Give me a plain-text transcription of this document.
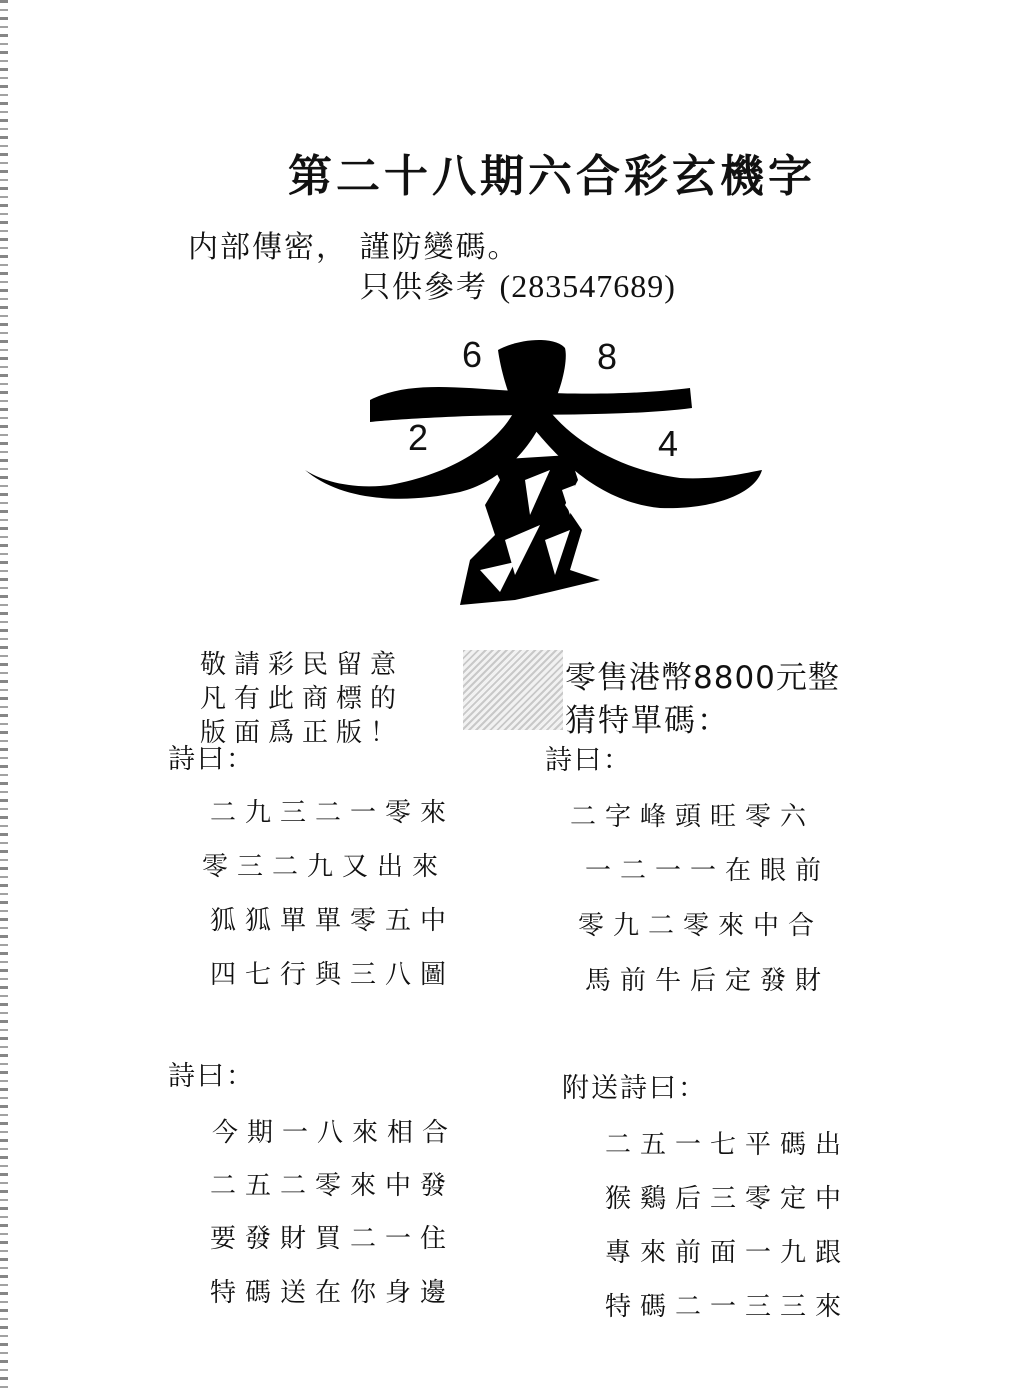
第二十八期六合彩玄機字
内部傳密， 謹防變碼。
只供參考 (283547689)
6	8
2	4
敬請彩民留意
凡有此商標的
版面爲正版！
零售港幣8800元整
猜特單碼：
詩曰：
二九三二一零來
零三二九又出來
狐狐單單零五中
四七行與三八圖
詩曰：
二字峰頭旺零六
一二一一在眼前
零九二零來中合
馬前牛后定發財
詩曰：
今期一八來相合
二五二零來中發
要發財買二一住
特碼送在你身邊
附送詩曰：
二五一七平碼出
猴鷄后三零定中
專來前面一九跟
特碼二一三三來
